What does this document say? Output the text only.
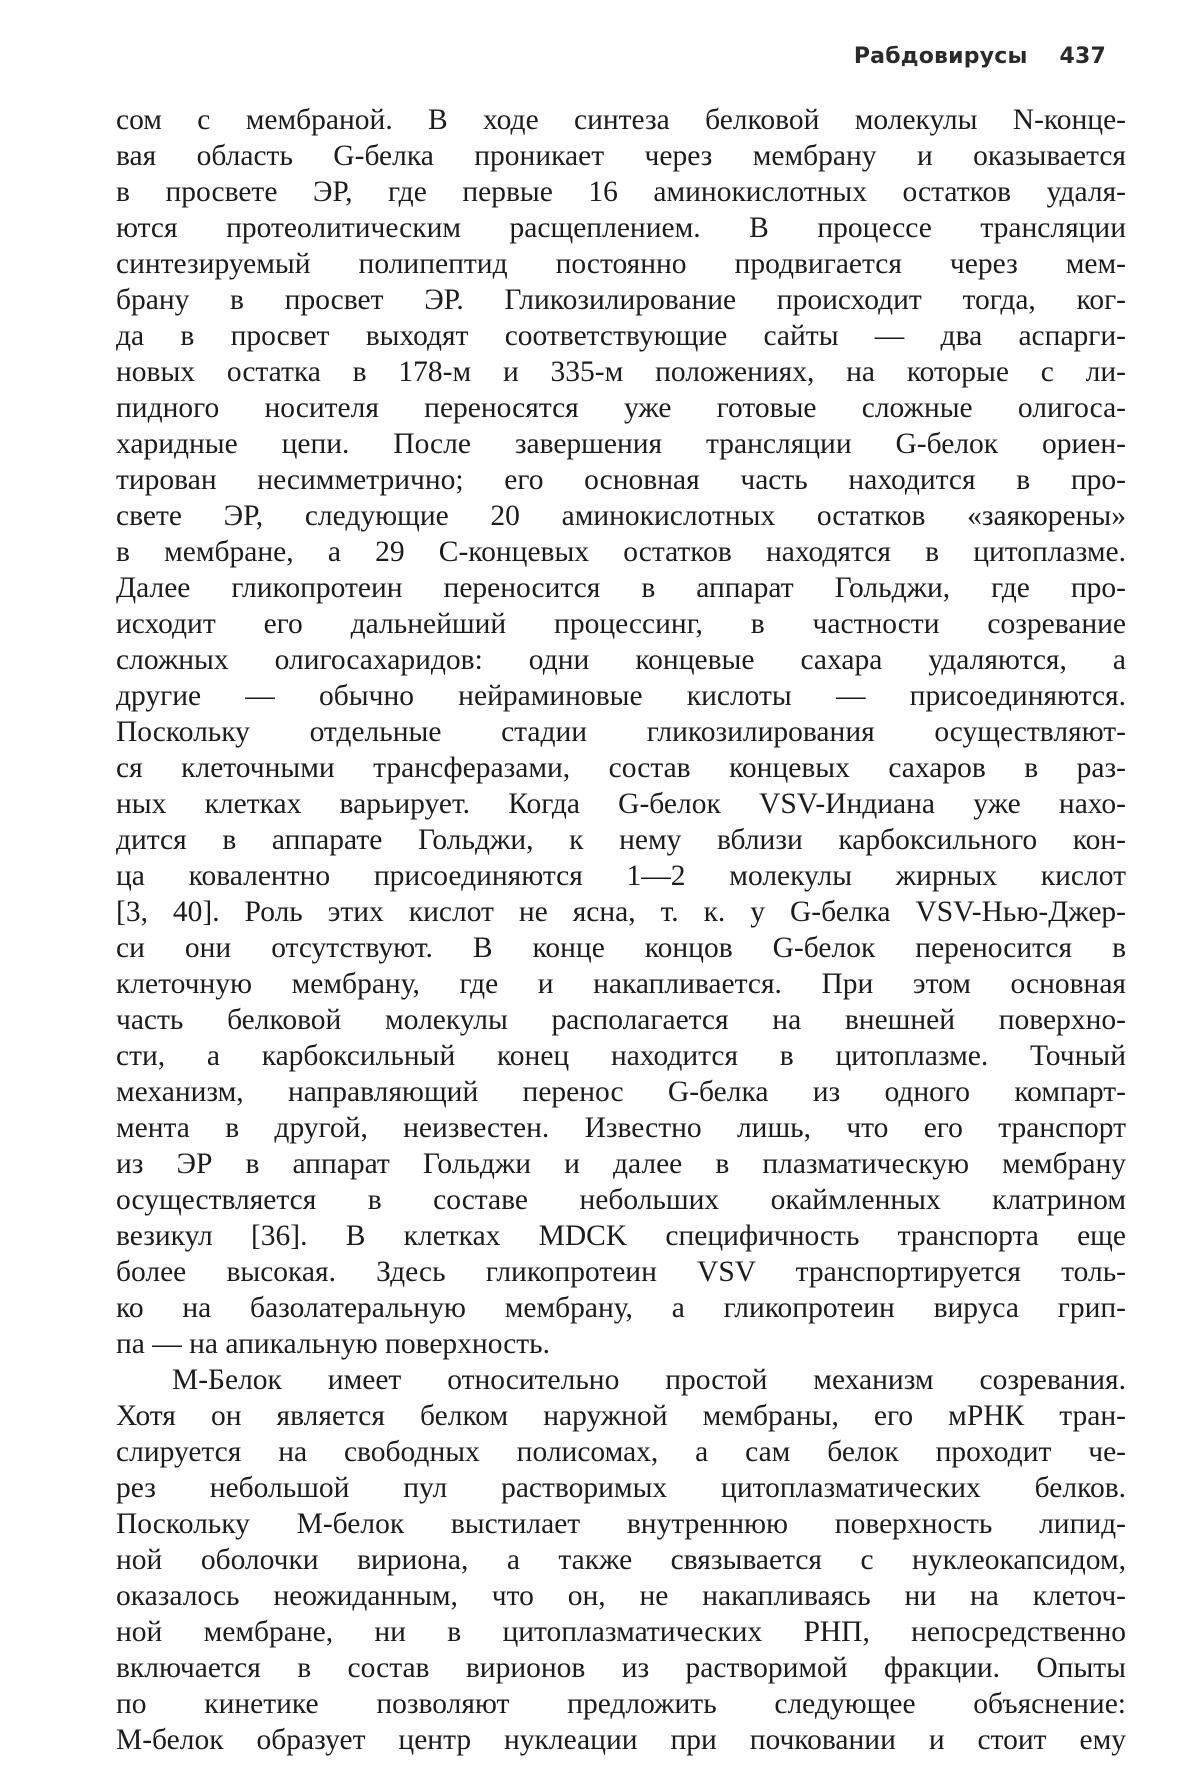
Рабдовирусы 437
сом с мембраной. В ходе синтеза белковой молекулы N-конце-
вая область G-белка проникает через мембрану и оказывается
в просвете ЭР, где первые 16 аминокислотных остатков удаля-
ются протеолитическим расщеплением. В процессе трансляции
синтезируемый полипептид постоянно продвигается через мем-
брану в просвет ЭР. Гликозилирование происходит тогда, ког-
да в просвет выходят соответствующие сайты — два аспарги-
новых остатка в 178-м и 335-м положениях, на которые с ли-
пидного носителя переносятся уже готовые сложные олигоса-
харидные цепи. После завершения трансляции G-белок ориен-
тирован несимметрично; его основная часть находится в про-
свете ЭР, следующие 20 аминокислотных остатков «заякорены»
в мембране, а 29 С-концевых остатков находятся в цитоплазме.
Далее гликопротеин переносится в аппарат Гольджи, где про-
исходит его дальнейший процессинг, в частности созревание
сложных олигосахаридов: одни концевые сахара удаляются, а
другие — обычно нейраминовые кислоты — присоединяются.
Поскольку отдельные стадии гликозилирования осуществляют-
ся клеточными трансферазами, состав концевых сахаров в раз-
ных клетках варьирует. Когда G-белок VSV-Индиана уже нахо-
дится в аппарате Гольджи, к нему вблизи карбоксильного кон-
ца ковалентно присоединяются 1—2 молекулы жирных кислот
[3, 40]. Роль этих кислот не ясна, т. к. у G-белка VSV-Нью-Джер-
си они отсутствуют. В конце концов G-белок переносится в
клеточную мембрану, где и накапливается. При этом основная
часть белковой молекулы располагается на внешней поверхно-
сти, а карбоксильный конец находится в цитоплазме. Точный
механизм, направляющий перенос G-белка из одного компарт-
мента в другой, неизвестен. Известно лишь, что его транспорт
из ЭР в аппарат Гольджи и далее в плазматическую мембрану
осуществляется в составе небольших окаймленных клатрином
везикул [36]. В клетках MDCK специфичность транспорта еще
более высокая. Здесь гликопротеин VSV транспортируется толь-
ко на базолатеральную мембрану, а гликопротеин вируса грип-
па — на апикальную поверхность.
М-Белок имеет относительно простой механизм созревания.
Хотя он является белком наружной мембраны, его мРНК тран-
слируется на свободных полисомах, а сам белок проходит че-
рез небольшой пул растворимых цитоплазматических белков.
Поскольку М-белок выстилает внутреннюю поверхность липид-
ной оболочки вириона, а также связывается с нуклеокапсидом,
оказалось неожиданным, что он, не накапливаясь ни на клеточ-
ной мембране, ни в цитоплазматических РНП, непосредственно
включается в состав вирионов из растворимой фракции. Опыты
по кинетике позволяют предложить следующее объяснение:
М-белок образует центр нуклеации при почковании и стоит ему
